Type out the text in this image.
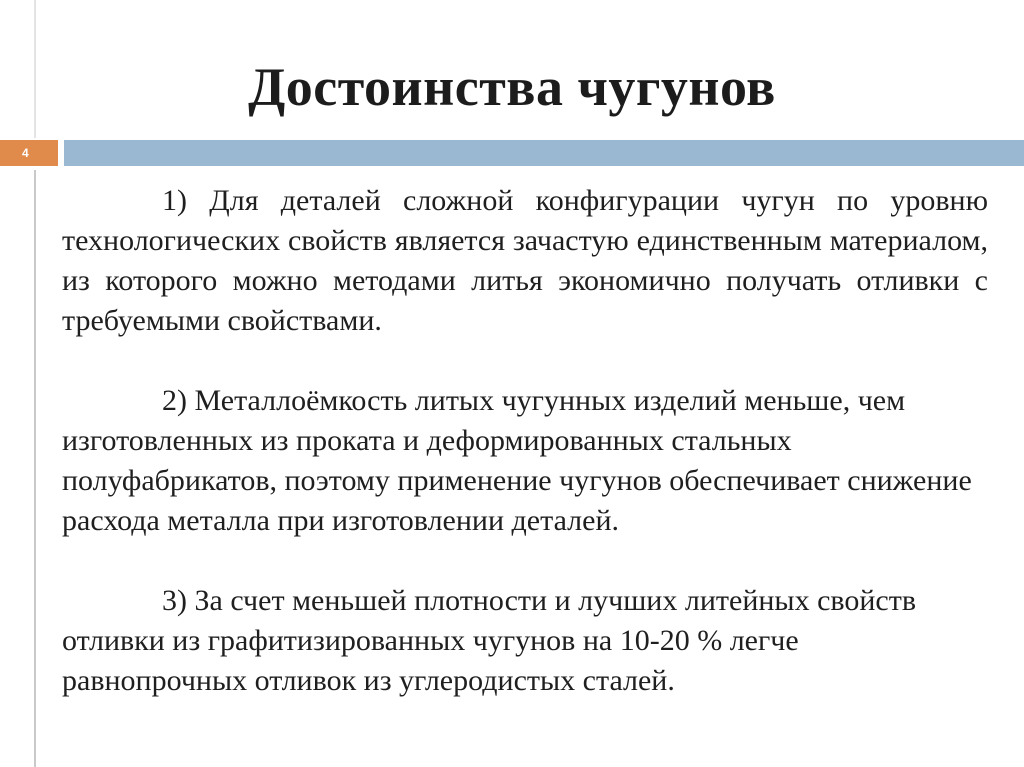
Достоинства чугунов
4

1) Для деталей сложной конфигурации чугун по уровню технологических свойств является зачастую единственным материалом, из которого можно методами литья экономично получать отливки с требуемыми свойствами.

2) Металлоёмкость литых чугунных изделий меньше, чем изготовленных из проката и деформированных стальных полуфабрикатов, поэтому применение чугунов обеспечивает снижение расхода металла при изготовлении деталей.

3) За счет меньшей плотности и лучших литейных свойств отливки из графитизированных чугунов на 10-20 % легче равнопрочных отливок из углеродистых сталей.
